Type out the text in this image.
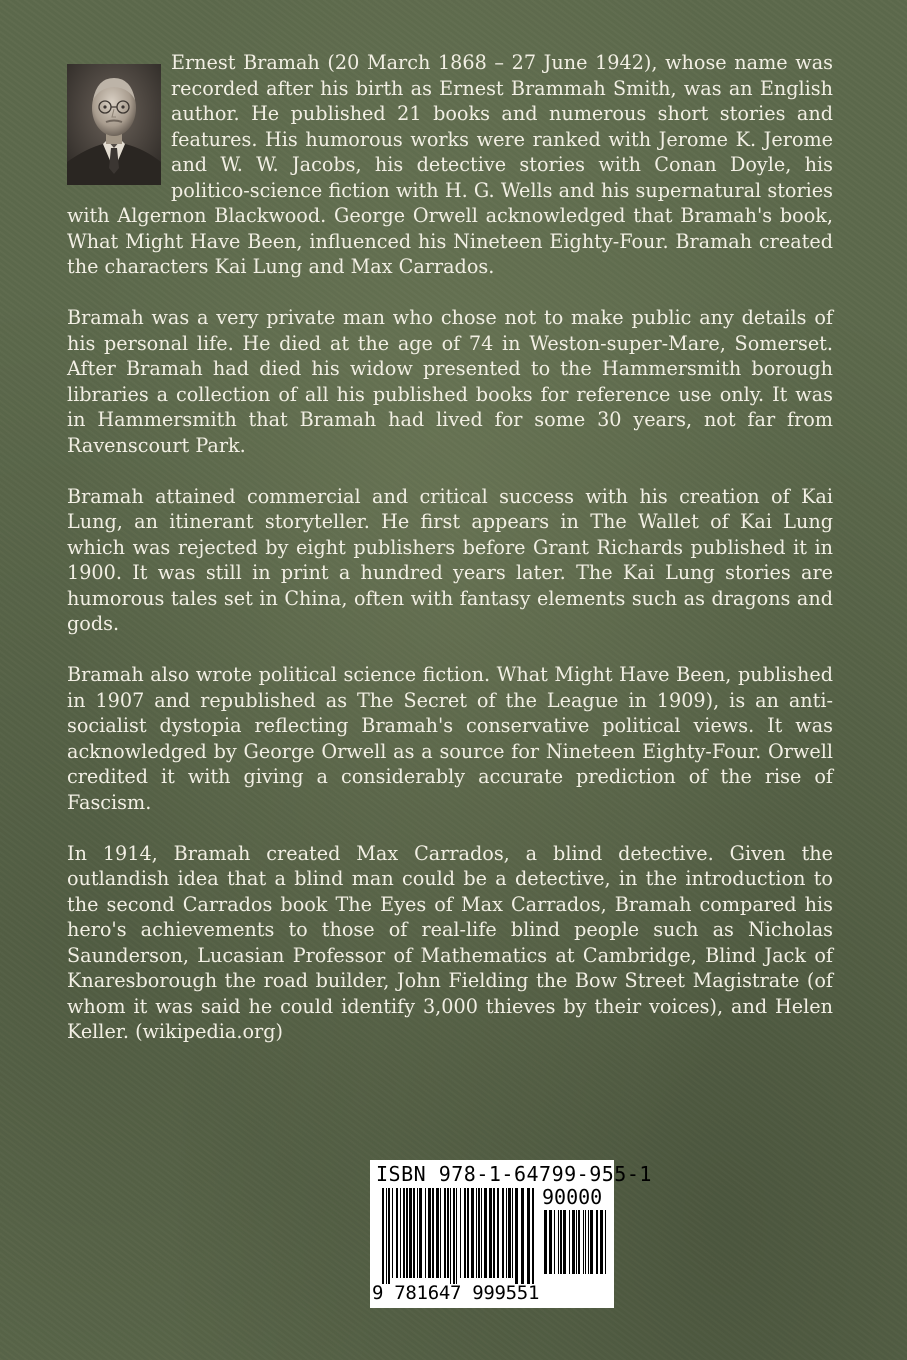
Ernest Bramah (20 March 1868 – 27 June 1942), whose name was recorded after his birth as Ernest Brammah Smith, was an English author. He published 21 books and numerous short stories and features. His humorous works were ranked with Jerome K. Jerome and W. W. Jacobs, his detective stories with Conan Doyle, his politico-science fiction with H. G. Wells and his supernatural stories with Algernon Blackwood. George Orwell acknowledged that Bramah's book, What Might Have Been, influenced his Nineteen Eighty-Four. Bramah created the characters Kai Lung and Max Carrados.

Bramah was a very private man who chose not to make public any details of his personal life. He died at the age of 74 in Weston-super-Mare, Somerset. After Bramah had died his widow presented to the Hammersmith borough libraries a collection of all his published books for reference use only. It was in Hammersmith that Bramah had lived for some 30 years, not far from Ravenscourt Park.

Bramah attained commercial and critical success with his creation of Kai Lung, an itinerant storyteller. He first appears in The Wallet of Kai Lung which was rejected by eight publishers before Grant Richards published it in 1900. It was still in print a hundred years later. The Kai Lung stories are humorous tales set in China, often with fantasy elements such as dragons and gods.

Bramah also wrote political science fiction. What Might Have Been, published in 1907 and republished as The Secret of the League in 1909), is an anti-socialist dystopia reflecting Bramah's conservative political views. It was acknowledged by George Orwell as a source for Nineteen Eighty-Four. Orwell credited it with giving a considerably accurate prediction of the rise of Fascism.

In 1914, Bramah created Max Carrados, a blind detective. Given the outlandish idea that a blind man could be a detective, in the introduction to the second Carrados book The Eyes of Max Carrados, Bramah compared his hero's achievements to those of real-life blind people such as Nicholas Saunderson, Lucasian Professor of Mathematics at Cambridge, Blind Jack of Knaresborough the road builder, John Fielding the Bow Street Magistrate (of whom it was said he could identify 3,000 thieves by their voices), and Helen Keller. (wikipedia.org)

ISBN 978-1-64799-955-1
90000
9 781647 999551
